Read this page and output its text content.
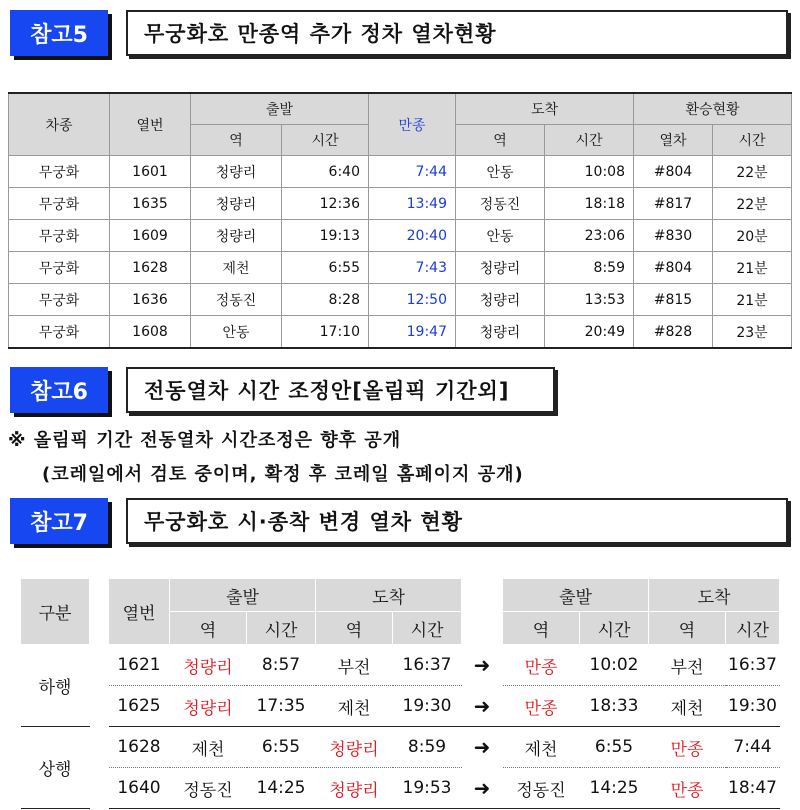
참고5	무궁화호 만종역 추가 정차 열차현황
차종	열번	출발		만종	도착		환승현황	
		역	시간		역	시간	열차	시간
무궁화	1601	청량리	6:40	7:44	안동	10:08	#804	22분
무궁화	1635	청량리	12:36	13:49	정동진	18:18	#817	22분
무궁화	1609	청량리	19:13	20:40	안동	23:06	#830	20분
무궁화	1628	제천	6:55	7:43	청량리	8:59	#804	21분
무궁화	1636	정동진	8:28	12:50	청량리	13:53	#815	21분
무궁화	1608	안동	17:10	19:47	청량리	20:49	#828	23분
참고6	전동열차 시간 조정안[올림픽 기간외]
※ 올림픽 기간 전동열차 시간조정은 향후 공개
(코레일에서 검토 중이며, 확정 후 코레일 홈페이지 공개)
참고7	무궁화호 시·종착 변경 열차 현황
구분		열번	출발		도착			출발		도착	
			역	시간	역	시간		역	시간	역	시간
하행		1621	청량리	8:57	부전	16:37	➜	만종	10:02	부전	16:37
		1625	청량리	17:35	제천	19:30	➜	만종	18:33	제천	19:30
상행		1628	제천	6:55	청량리	8:59	➜	제천	6:55	만종	7:44
		1640	정동진	14:25	청량리	19:53	➜	정동진	14:25	만종	18:47
